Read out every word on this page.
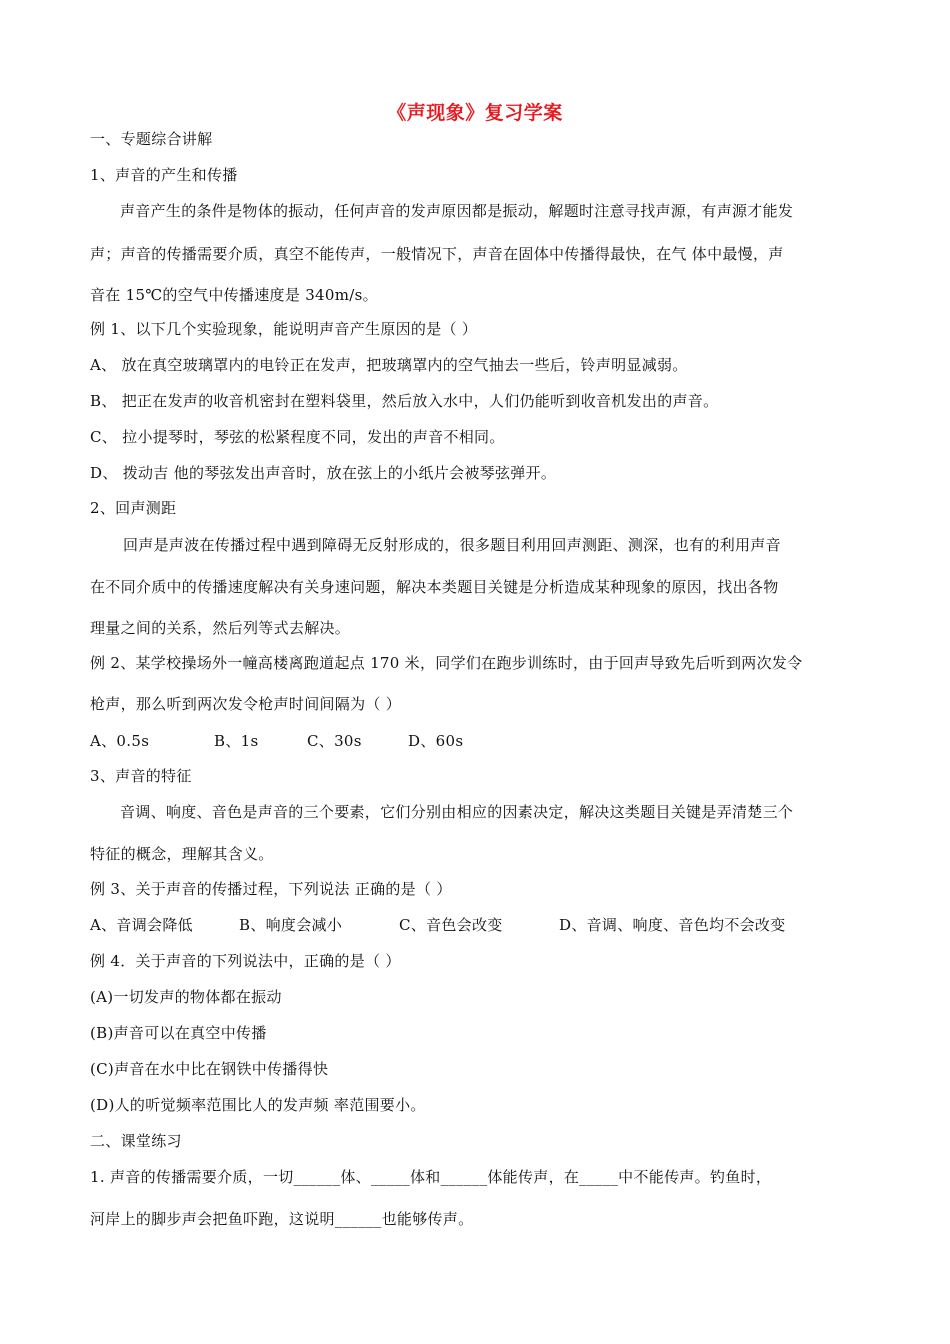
《声现象》复习学案
一、专题综合讲解
1、声音的产生和传播
声音产生的条件是物体的振动，任何声音的发声原因都是振动，解题时注意寻找声源，有声源才能发
声；声音的传播需要介质，真空不能传声，一般情况下，声音在固体中传播得最快，在气 体中最慢，声
音在 15℃的空气中传播速度是 340m/s。
例 1、以下几个实验现象，能说明声音产生原因的是（ ）
A、 放在真空玻璃罩内的电铃正在发声，把玻璃罩内的空气抽去一些后，铃声明显减弱。
B、 把正在发声的收音机密封在塑料袋里，然后放入水中，人们仍能听到收音机发出的声音。
C、 拉小提琴时，琴弦的松紧程度不同，发出的声音不相同。
D、 拨动吉 他的琴弦发出声音时，放在弦上的小纸片会被琴弦弹开。
2、回声测距
回声是声波在传播过程中遇到障碍无反射形成的，很多题目利用回声测距、测深，也有的利用声音
在不同介质中的传播速度解决有关身速问题，解决本类题目关键是分析造成某种现象的原因，找出各物
理量之间的关系，然后列等式去解决。
例 2、某学校操场外一幢高楼离跑道起点 170 米，同学们在跑步训练时，由于回声导致先后听到两次发令
枪声，那么听到两次发令枪声时间间隔为（ ）
A、0.5s	B、1s	C、30s	D、60s
3、声音的特征
音调、响度、音色是声音的三个要素，它们分别由相应的因素决定，解决这类题目关键是弄清楚三个
特征的概念，理解其含义。
例 3、关于声音的传播过程，下列说法 正确的是（ ）
A、音调会降低	B、响度会减小	C、音色会改变	D、音调、响度、音色均不会改变
例 4．关于声音的下列说法中，正确的是（ ）
(A)一切发声的物体都在振动
(B)声音可以在真空中传播
(C)声音在水中比在钢铁中传播得快
(D)人的听觉频率范围比人的发声频 率范围要小。
二、课堂练习
1. 声音的传播需要介质，一切______体、_____体和______体能传声，在_____中不能传声。钓鱼时，
河岸上的脚步声会把鱼吓跑，这说明______也能够传声。
